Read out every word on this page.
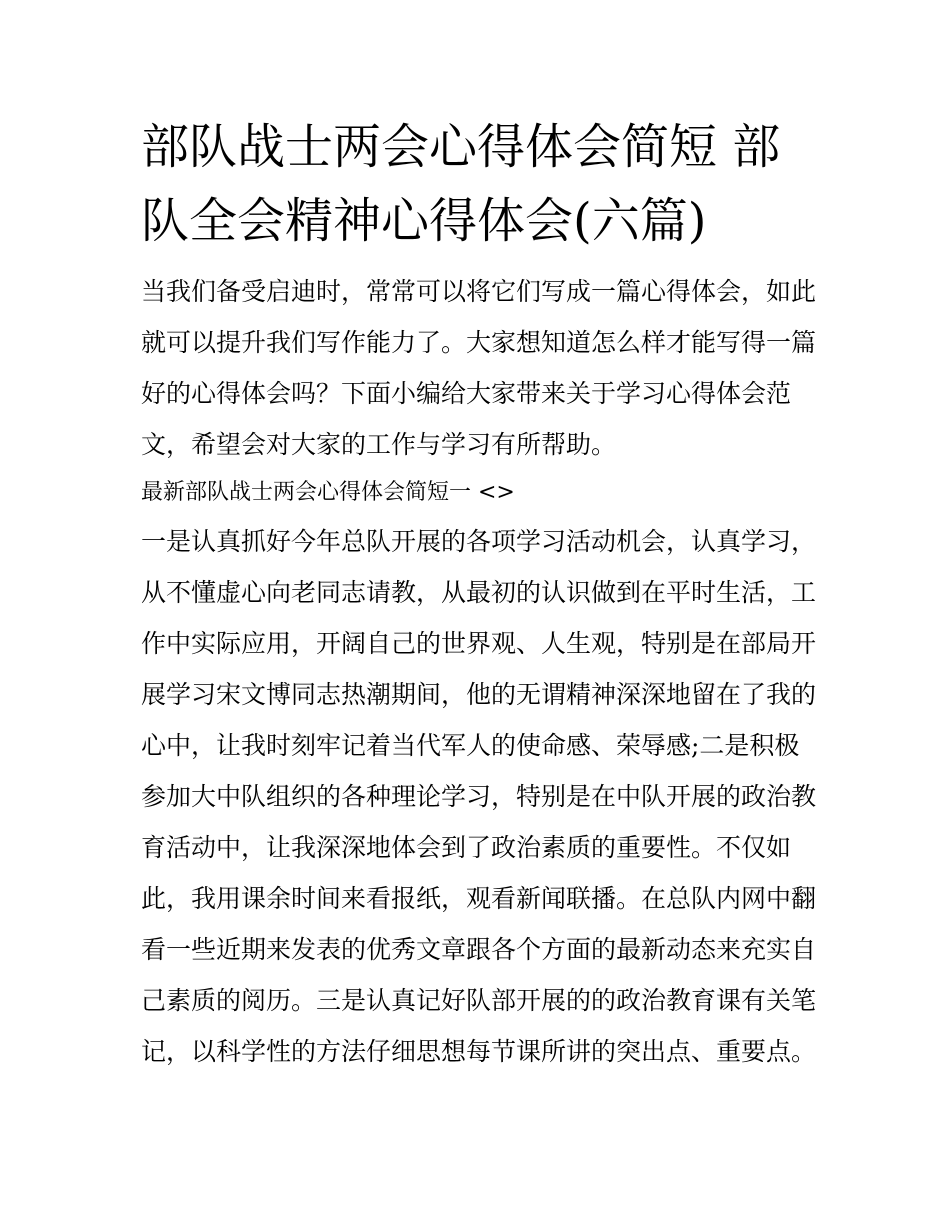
部队战士两会心得体会简短 部
队全会精神心得体会(六篇)

当我们备受启迪时，常常可以将它们写成一篇心得体会，如此

就可以提升我们写作能力了。大家想知道怎么样才能写得一篇

好的心得体会吗？下面小编给大家带来关于学习心得体会范

文，希望会对大家的工作与学习有所帮助。

最新部队战士两会心得体会简短一 <>

一是认真抓好今年总队开展的各项学习活动机会，认真学习，

从不懂虚心向老同志请教，从最初的认识做到在平时生活，工

作中实际应用，开阔自己的世界观、人生观，特别是在部局开

展学习宋文博同志热潮期间，他的无谓精神深深地留在了我的

心中，让我时刻牢记着当代军人的使命感、荣辱感;二是积极

参加大中队组织的各种理论学习，特别是在中队开展的政治教

育活动中，让我深深地体会到了政治素质的重要性。不仅如

此，我用课余时间来看报纸，观看新闻联播。在总队内网中翻

看一些近期来发表的优秀文章跟各个方面的最新动态来充实自

己素质的阅历。三是认真记好队部开展的的政治教育课有关笔

记，以科学性的方法仔细思想每节课所讲的突出点、重要点。
